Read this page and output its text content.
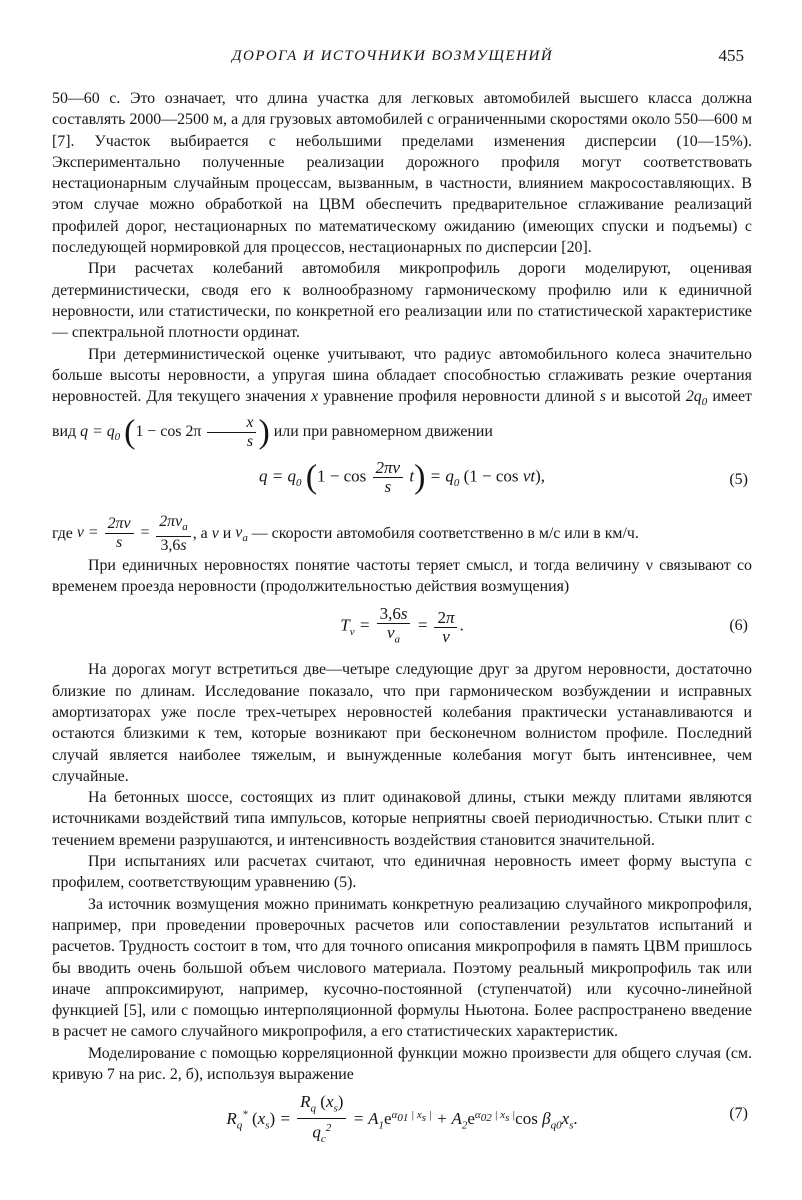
ДОРОГА И ИСТОЧНИКИ ВОЗМУЩЕНИЙ	455

50—60 с. Это означает, что длина участка для легковых автомобилей высшего класса должна составлять 2000—2500 м, а для грузовых автомобилей с ограниченными скоростями около 550—600 м [7]. Участок выбирается с небольшими пределами изменения дисперсии (10—15%). Экспериментально полученные реализации дорожного профиля могут соответствовать нестационарным случайным процессам, вызванным, в частности, влиянием макросоставляющих. В этом случае можно обработкой на ЦВМ обеспечить предварительное сглаживание реализаций профилей дорог, нестационарных по математическому ожиданию (имеющих спуски и подъемы) с последующей нормировкой для процессов, нестационарных по дисперсии [20].

При расчетах колебаний автомобиля микропрофиль дороги моделируют, оценивая детерминистически, сводя его к волнообразному гармоническому профилю или к единичной неровности, или статистически, по конкретной его реализации или по статистической характеристике — спектральной плотности ординат.

При детерминистической оценке учитывают, что радиус автомобильного колеса значительно больше высоты неровности, а упругая шина обладает способностью сглаживать резкие очертания неровностей. Для текущего значения x уравнение профиля неровности длиной s и высотой $2q_0$ имеет вид $q = q_0$ ($1 - \cos 2\pi \frac{x}{s}$ ) или при равномерном движении

$q = q_0$ $(1 - \cos \frac{2\pi v}{s} t) = q_0$ (1 − cos νt),	(5)

где $\nu = \frac{2\pi v}{s} = \frac{2\pi v_a}{3,6s}$ , а v и $v_a$ — скорости автомобиля соответственно в м/с или в км/ч.

При единичных неровностях понятие частоты теряет смысл, и тогда величину ν связывают со временем проезда неровности (продолжительностью действия возмущения)

$T_\nu = \frac{3,6s}{v_a} = \frac{2\pi}{\nu}$ .	(6)

На дорогах могут встретиться две—четыре следующие друг за другом неровности, достаточно близкие по длинам. Исследование показало, что при гармоническом возбуждении и исправных амортизаторах уже после трех-четырех неровностей колебания практически устанавливаются и остаются близкими к тем, которые возникают при бесконечном волнистом профиле. Последний случай является наиболее тяжелым, и вынужденные колебания могут быть интенсивнее, чем случайные.

На бетонных шоссе, состоящих из плит одинаковой длины, стыки между плитами являются источниками воздействий типа импульсов, которые неприятны своей периодичностью. Стыки плит с течением времени разрушаются, и интенсивность воздействия становится значительной.

При испытаниях или расчетах считают, что единичная неровность имеет форму выступа с профилем, соответствующим уравнению (5).

За источник возмущения можно принимать конкретную реализацию случайного микропрофиля, например, при проведении проверочных расчетов или сопоставлении результатов испытаний и расчетов. Трудность состоит в том, что для точного описания микропрофиля в память ЦВМ пришлось бы вводить очень большой объем числового материала. Поэтому реальный микропрофиль так или иначе аппроксимируют, например, кусочно-постоянной (ступенчатой) или кусочно-линейной функцией [5], или с помощью интерполяционной формулы Ньютона. Более распространено введение в расчет не самого случайного микропрофиля, а его статистических характеристик.

Моделирование с помощью корреляционной функции можно произвести для общего случая (см. кривую 7 на рис. 2, б), используя выражение

$R_q^*$ $(x_s) = \frac{R_q (x_s)}{q_c^2} = A_1e^{\alpha_{01} | x_s |} + A_2e^{\alpha_{02} | x_s |}\cos$ $\beta_{q0}x_s$.	(7)
